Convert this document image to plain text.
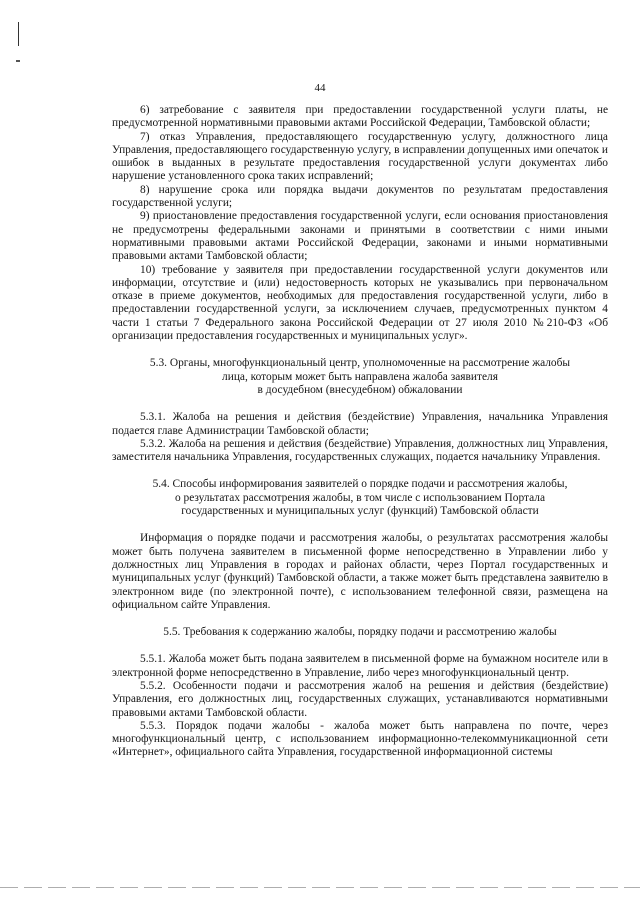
44

6) затребование с заявителя при предоставлении государственной услуги платы, не предусмотренной нормативными правовыми актами Российской Федерации, Тамбовской области;

7) отказ Управления, предоставляющего государственную услугу, должностного лица Управления, предоставляющего государственную услугу, в исправлении допущенных ими опечаток и ошибок в выданных в результате предоставления государственной услуги документах либо нарушение установленного срока таких исправлений;

8) нарушение срока или порядка выдачи документов по результатам предоставления государственной услуги;

9) приостановление предоставления государственной услуги, если основания приостановления не предусмотрены федеральными законами и принятыми в соответствии с ними иными нормативными правовыми актами Российской Федерации, законами и иными нормативными правовыми актами Тамбовской области;

10) требование у заявителя при предоставлении государственной услуги документов или информации, отсутствие и (или) недостоверность которых не указывались при первоначальном отказе в приеме документов, необходимых для предоставления государственной услуги, либо в предоставлении государственной услуги, за исключением случаев, предусмотренных пунктом 4 части 1 статьи 7 Федерального закона Российской Федерации от 27 июля 2010 №210-ФЗ «Об организации предоставления государственных и муниципальных услуг».

5.3. Органы, многофункциональный центр, уполномоченные на рассмотрение жалобы
лица, которым может быть направлена жалоба заявителя
в досудебном (внесудебном) обжаловании

5.3.1. Жалоба на решения и действия (бездействие) Управления, начальника Управления подается главе Администрации Тамбовской области;

5.3.2. Жалоба на решения и действия (бездействие) Управления, должностных лиц Управления, заместителя начальника Управления, государственных служащих, подается начальнику Управления.

5.4. Способы информирования заявителей о порядке подачи и рассмотрения жалобы,
о результатах рассмотрения жалобы, в том числе с использованием Портала
государственных и муниципальных услуг (функций) Тамбовской области

Информация о порядке подачи и рассмотрения жалобы, о результатах рассмотрения жалобы может быть получена заявителем в письменной форме непосредственно в Управлении либо у должностных лиц Управления в городах и районах области, через Портал государственных и муниципальных услуг (функций) Тамбовской области, а также может быть представлена заявителю в электронном виде (по электронной почте), с использованием телефонной связи, размещена на официальном сайте Управления.

5.5. Требования к содержанию жалобы, порядку подачи и рассмотрению жалобы

5.5.1. Жалоба может быть подана заявителем в письменной форме на бумажном носителе или в электронной форме непосредственно в Управление, либо через многофункциональный центр.

5.5.2. Особенности подачи и рассмотрения жалоб на решения и действия (бездействие) Управления, его должностных лиц, государственных служащих, устанавливаются нормативными правовыми актами Тамбовской области.

5.5.3. Порядок подачи жалобы - жалоба может быть направлена по почте, через многофункциональный центр, с использованием информационно-телекоммуникационной сети «Интернет», официального сайта Управления, государственной информационной системы
